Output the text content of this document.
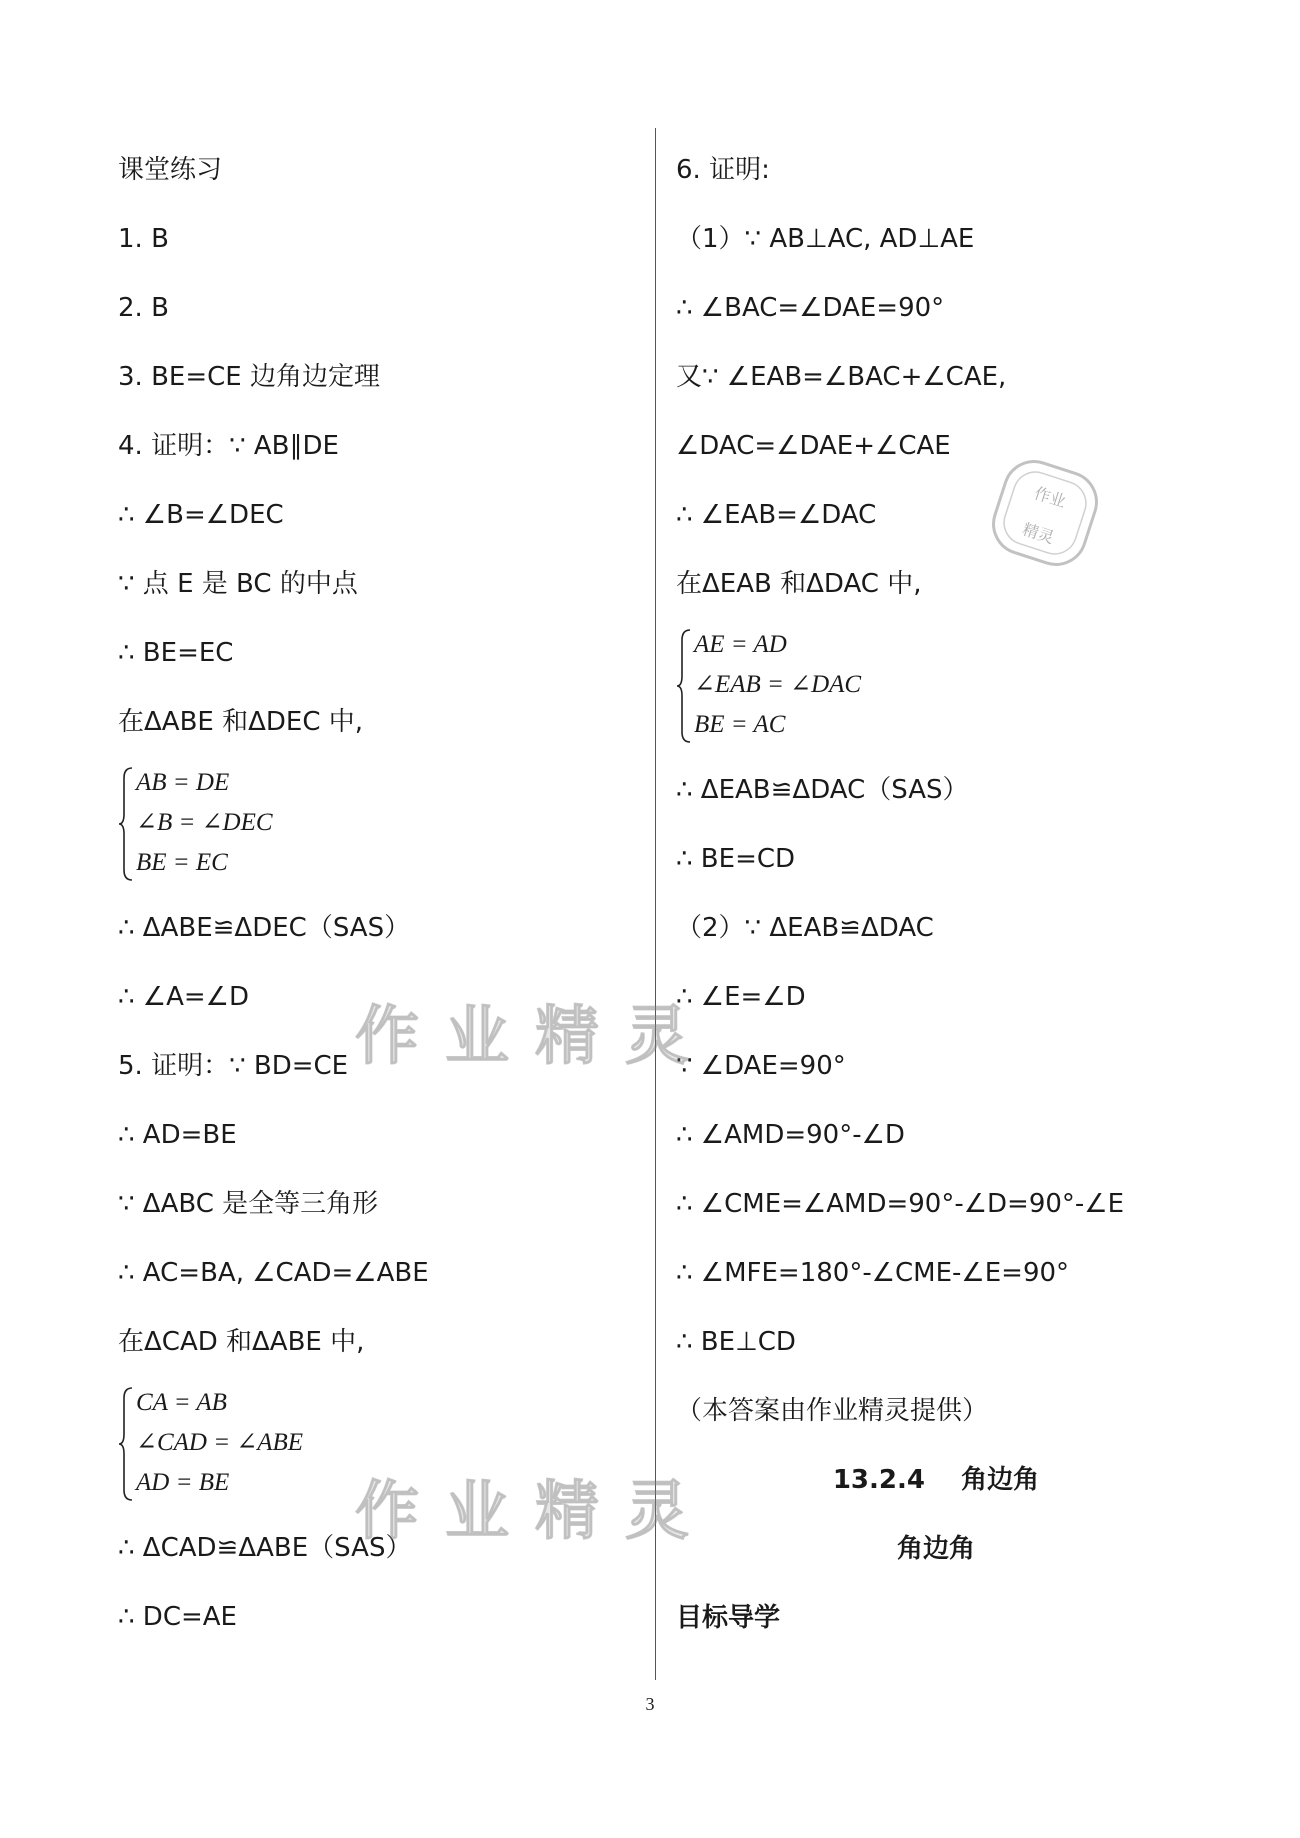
课堂练习
1. B
2. B
3. BE=CE 边角边定理
4. 证明：∵ AB∥DE
∴ ∠B=∠DEC
∵ 点 E 是 BC 的中点
∴ BE=EC
在ΔABE 和ΔDEC 中,
AB = DE
∠B = ∠DEC
BE = EC
∴ ΔABE≌ΔDEC（SAS）
∴ ∠A=∠D
5. 证明：∵ BD=CE
∴ AD=BE
∵ ΔABC 是全等三角形
∴ AC=BA, ∠CAD=∠ABE
在ΔCAD 和ΔABE 中,
CA = AB
∠CAD = ∠ABE
AD = BE
∴ ΔCAD≌ΔABE（SAS）
∴ DC=AE
6. 证明:
（1）∵ AB⊥AC, AD⊥AE
∴ ∠BAC=∠DAE=90°
又∵ ∠EAB=∠BAC+∠CAE,
∠DAC=∠DAE+∠CAE
∴ ∠EAB=∠DAC
在ΔEAB 和ΔDAC 中,
AE = AD
∠EAB = ∠DAC
BE = AC
∴ ΔEAB≌ΔDAC（SAS）
∴ BE=CD
（2）∵ ΔEAB≌ΔDAC
∴ ∠E=∠D
∵ ∠DAE=90°
∴ ∠AMD=90°-∠D
∴ ∠CME=∠AMD=90°-∠D=90°-∠E
∴ ∠MFE=180°-∠CME-∠E=90°
∴ BE⊥CD
（本答案由作业精灵提供）
13.2.4    角边角
角边角
目标导学
作业精灵
作业精灵
作业
精灵
3
